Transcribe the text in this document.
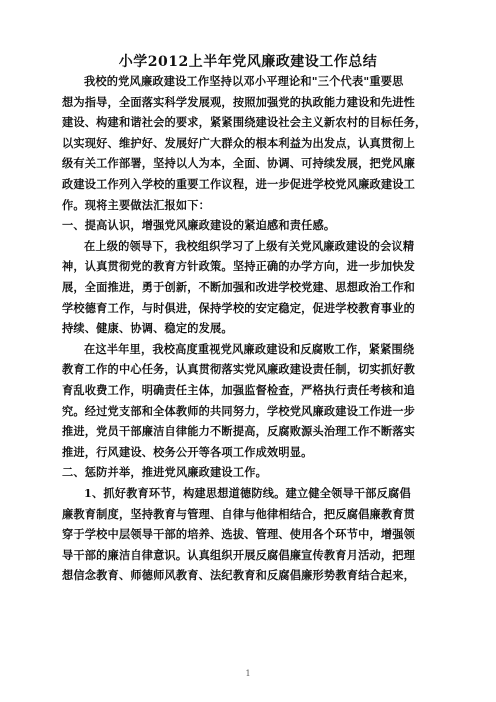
小学2012上半年党风廉政建设工作总结
我校的党风廉政建设工作坚持以邓小平理论和"三个代表"重要思
想为指导，全面落实科学发展观，按照加强党的执政能力建设和先进性
建设、构建和谐社会的要求，紧紧围绕建设社会主义新农村的目标任务，
以实现好、维护好、发展好广大群众的根本利益为出发点，认真贯彻上
级有关工作部署，坚持以人为本，全面、协调、可持续发展，把党风廉
政建设工作列入学校的重要工作议程，进一步促进学校党风廉政建设工
作。现将主要做法汇报如下：
一、提高认识，增强党风廉政建设的紧迫感和责任感。
在上级的领导下，我校组织学习了上级有关党风廉政建设的会议精
神，认真贯彻党的教育方针政策。坚持正确的办学方向，进一步加快发
展，全面推进，勇于创新，不断加强和改进学校党建、思想政治工作和
学校德育工作，与时俱进，保持学校的安定稳定，促进学校教育事业的
持续、健康、协调、稳定的发展。
在这半年里，我校高度重视党风廉政建设和反腐败工作，紧紧围绕
教育工作的中心任务，认真贯彻落实党风廉政建设责任制，切实抓好教
育乱收费工作，明确责任主体，加强监督检查，严格执行责任考核和追
究。经过党支部和全体教师的共同努力，学校党风廉政建设工作进一步
推进，党员干部廉洁自律能力不断提高，反腐败源头治理工作不断落实
推进，行风建设、校务公开等各项工作成效明显。
二、惩防并举，推进党风廉政建设工作。
1、抓好教育环节，构建思想道德防线。建立健全领导干部反腐倡
廉教育制度，坚持教育与管理、自律与他律相结合，把反腐倡廉教育贯
穿于学校中层领导干部的培养、选拔、管理、使用各个环节中，增强领
导干部的廉洁自律意识。认真组织开展反腐倡廉宣传教育月活动，把理
想信念教育、师德师风教育、法纪教育和反腐倡廉形势教育结合起来，
1
